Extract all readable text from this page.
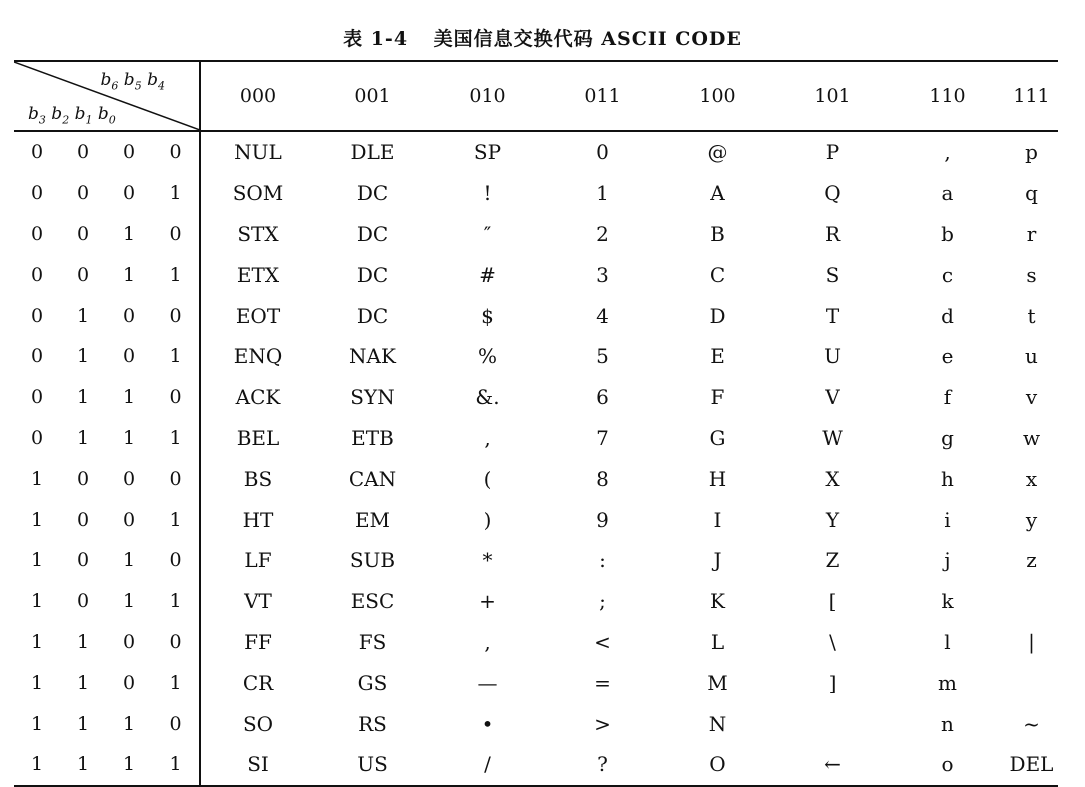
表 1-4 美国信息交换代码 ASCII CODE
$b_6$ $b_5$ $b_4$
$b_3$ $b_2$ $b_1$ $b_0$				000	001	010	011	100	101	110	111
0	0	0	0	NUL	DLE	SP	0	@	P	,	p
0	0	0	1	SOM	DC	!	1	A	Q	a	q
0	0	1	0	STX	DC	″	2	B	R	b	r
0	0	1	1	ETX	DC	#	3	C	S	c	s
0	1	0	0	EOT	DC	$	4	D	T	d	t
0	1	0	1	ENQ	NAK	%	5	E	U	e	u
0	1	1	0	ACK	SYN	&.	6	F	V	f	v
0	1	1	1	BEL	ETB	,	7	G	W	g	w
1	0	0	0	BS	CAN	(	8	H	X	h	x
1	0	0	1	HT	EM	)	9	I	Y	i	y
1	0	1	0	LF	SUB	*	:	J	Z	j	z
1	0	1	1	VT	ESC	+	;	K	[	k	
1	1	0	0	FF	FS	,	<	L	\	l	|
1	1	0	1	CR	GS	—	=	M	]	m	
1	1	1	0	SO	RS	•	>	N		n	~
1	1	1	1	SI	US	/	?	O	←	o	DEL
